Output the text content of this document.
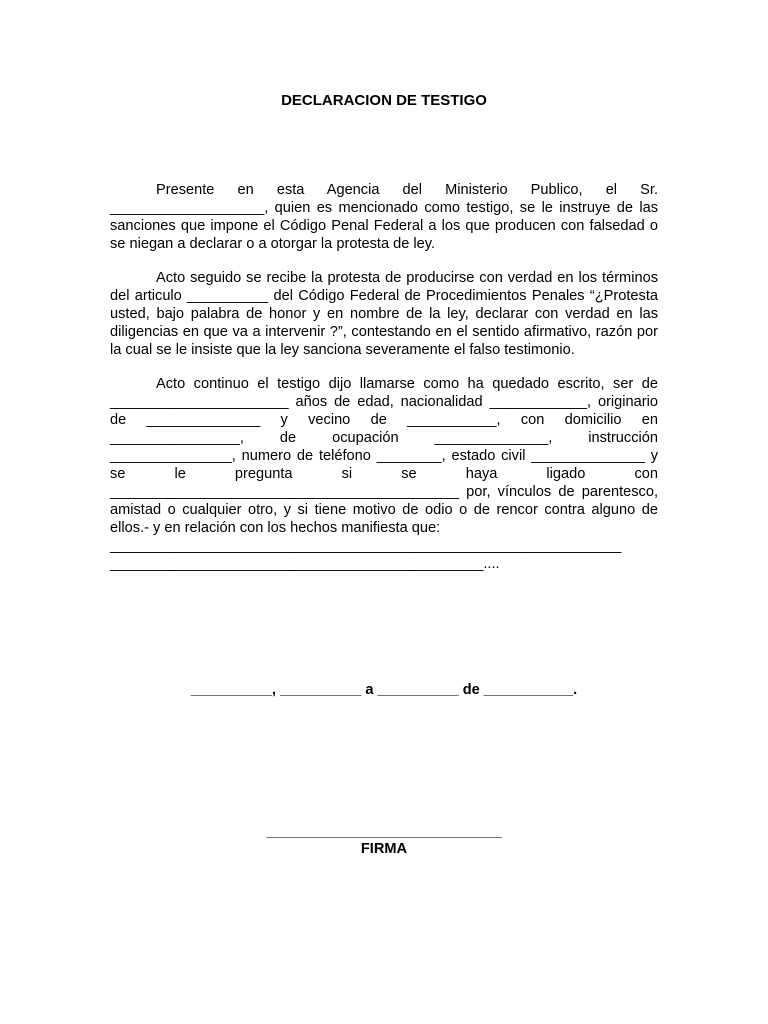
DECLARACION DE TESTIGO

Presente en esta Agencia del Ministerio Publico, el Sr. ___________________, quien es mencionado como testigo, se le instruye de las sanciones que impone el Código Penal Federal a los que producen con falsedad o se niegan a declarar o a otorgar la protesta de ley.

Acto seguido se recibe la protesta de producirse con verdad en los términos del articulo __________ del Código Federal de Procedimientos Penales “¿Protesta usted, bajo palabra de honor y en nombre de la ley, declarar con verdad en las diligencias en que va a intervenir ?”, contestando en el sentido afirmativo, razón por la cual se le insiste que la ley sanciona severamente el falso testimonio.

Acto continuo el testigo dijo llamarse como ha quedado escrito, ser de ______________________ años de edad, nacionalidad ____________, originario de ______________ y vecino de ___________, con domicilio en ________________, de ocupación ______________, instrucción _______________, numero de teléfono ________, estado civil ______________ y se le pregunta si se haya ligado con ___________________________________________ por, vínculos de parentesco, amistad o cualquier otro, y si tiene motivo de odio o de rencor contra alguno de ellos.- y en relación con los hechos manifiesta que:

_______________________________________________________________
______________________________________________....
__________, __________ a __________ de ___________.
_____________________________
FIRMA
